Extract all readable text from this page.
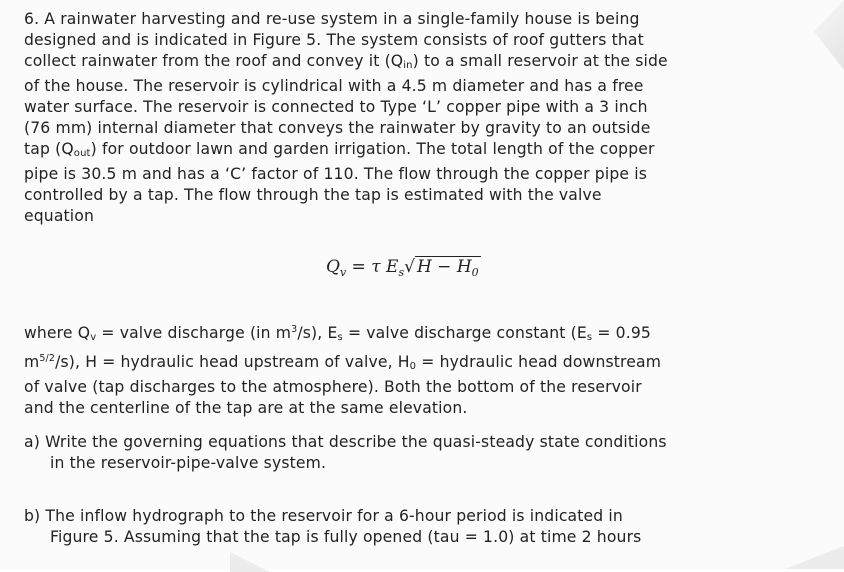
6. A rainwater harvesting and re-use system in a single-family house is being
designed and is indicated in Figure 5. The system consists of roof gutters that
collect rainwater from the roof and convey it $(Q_{in})$ to a small reservoir at the side
of the house. The reservoir is cylindrical with a 4.5 m diameter and has a free
water surface. The reservoir is connected to Type ‘L’ copper pipe with a 3 inch
(76 mm) internal diameter that conveys the rainwater by gravity to an outside
tap $(Q_{out})$ for outdoor lawn and garden irrigation. The total length of the copper
pipe is 30.5 m and has a ‘C’ factor of 110. The flow through the copper pipe is
controlled by a tap. The flow through the tap is estimated with the valve
equation
$Q_v = \tau$ $E_s√$ $H - H_0$
where $Q_v$ = valve discharge (in $m^3/s$), $E_s$ = valve discharge constant ($E_s = 0.95$
$m^{5/2}/s$), H = hydraulic head upstream of valve, $H_0$ = hydraulic head downstream
of valve (tap discharges to the atmosphere). Both the bottom of the reservoir
and the centerline of the tap are at the same elevation.
a) Write the governing equations that describe the quasi-steady state conditions
in the reservoir-pipe-valve system.
b) The inflow hydrograph to the reservoir for a 6-hour period is indicated in
Figure 5. Assuming that the tap is fully opened (tau = 1.0) at time 2 hours
